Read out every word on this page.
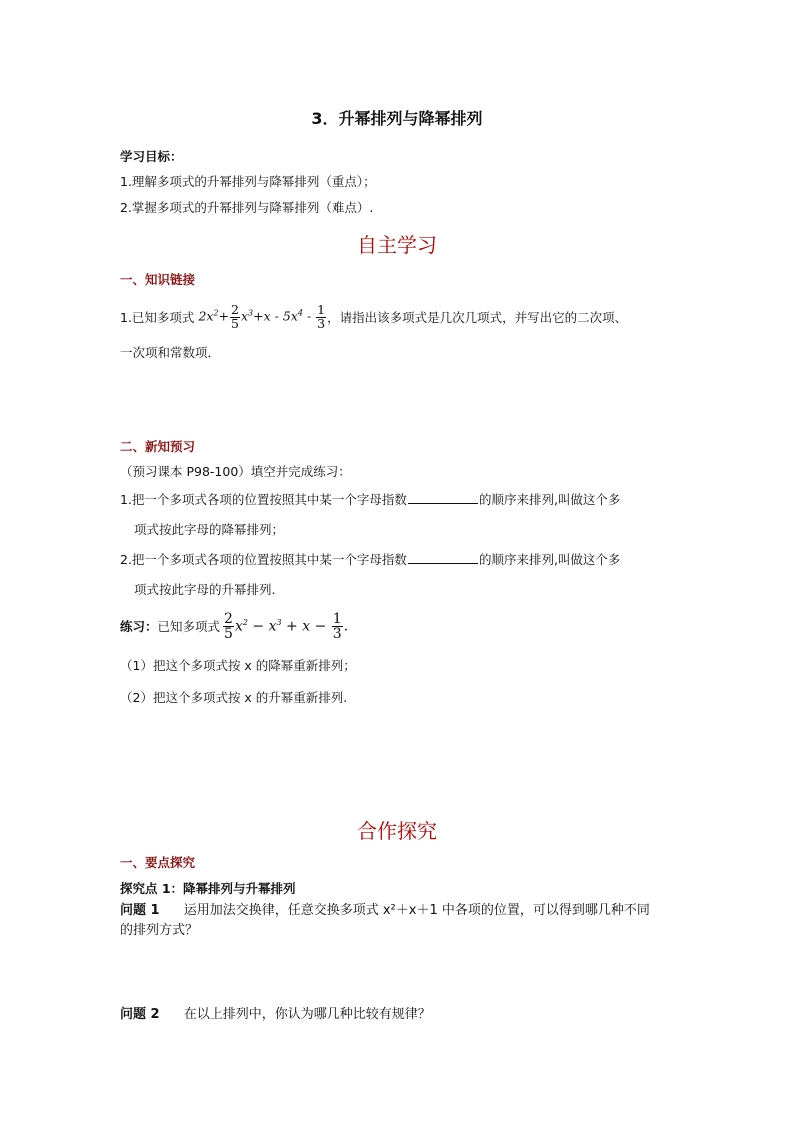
3．升幂排列与降幂排列
学习目标：
1.理解多项式的升幂排列与降幂排列（重点）；
2.掌握多项式的升幂排列与降幂排列（难点）.
自主学习
一、知识链接
1.已知多项式 $2x^2+ \frac{2}{5} x^3+x - 5x^4 - \frac{1}{3}$ ，请指出该多项式是几次几项式，并写出它的二次项、
一次项和常数项．
二、新知预习
（预习课本 P98-100）填空并完成练习：
1.把一个多项式各项的位置按照其中某一个字母指数	的顺序来排列,叫做这个多
项式按此字母的降幂排列；
2.把一个多项式各项的位置按照其中某一个字母指数	的顺序来排列,叫做这个多
项式按此字母的升幂排列.
练习： 已知多项式 $\frac{2}{5} x^2 - x^3 + x - \frac{1}{3}$ .
（1）把这个多项式按 x 的降幂重新排列；
（2）把这个多项式按 x 的升幂重新排列.
合作探究
一、要点探究
探究点 1：降幂排列与升幂排列
问题 1 运用加法交换律，任意交换多项式 x²＋x＋1 中各项的位置，可以得到哪几种不同
的排列方式？
问题 2 在以上排列中，你认为哪几种比较有规律？
